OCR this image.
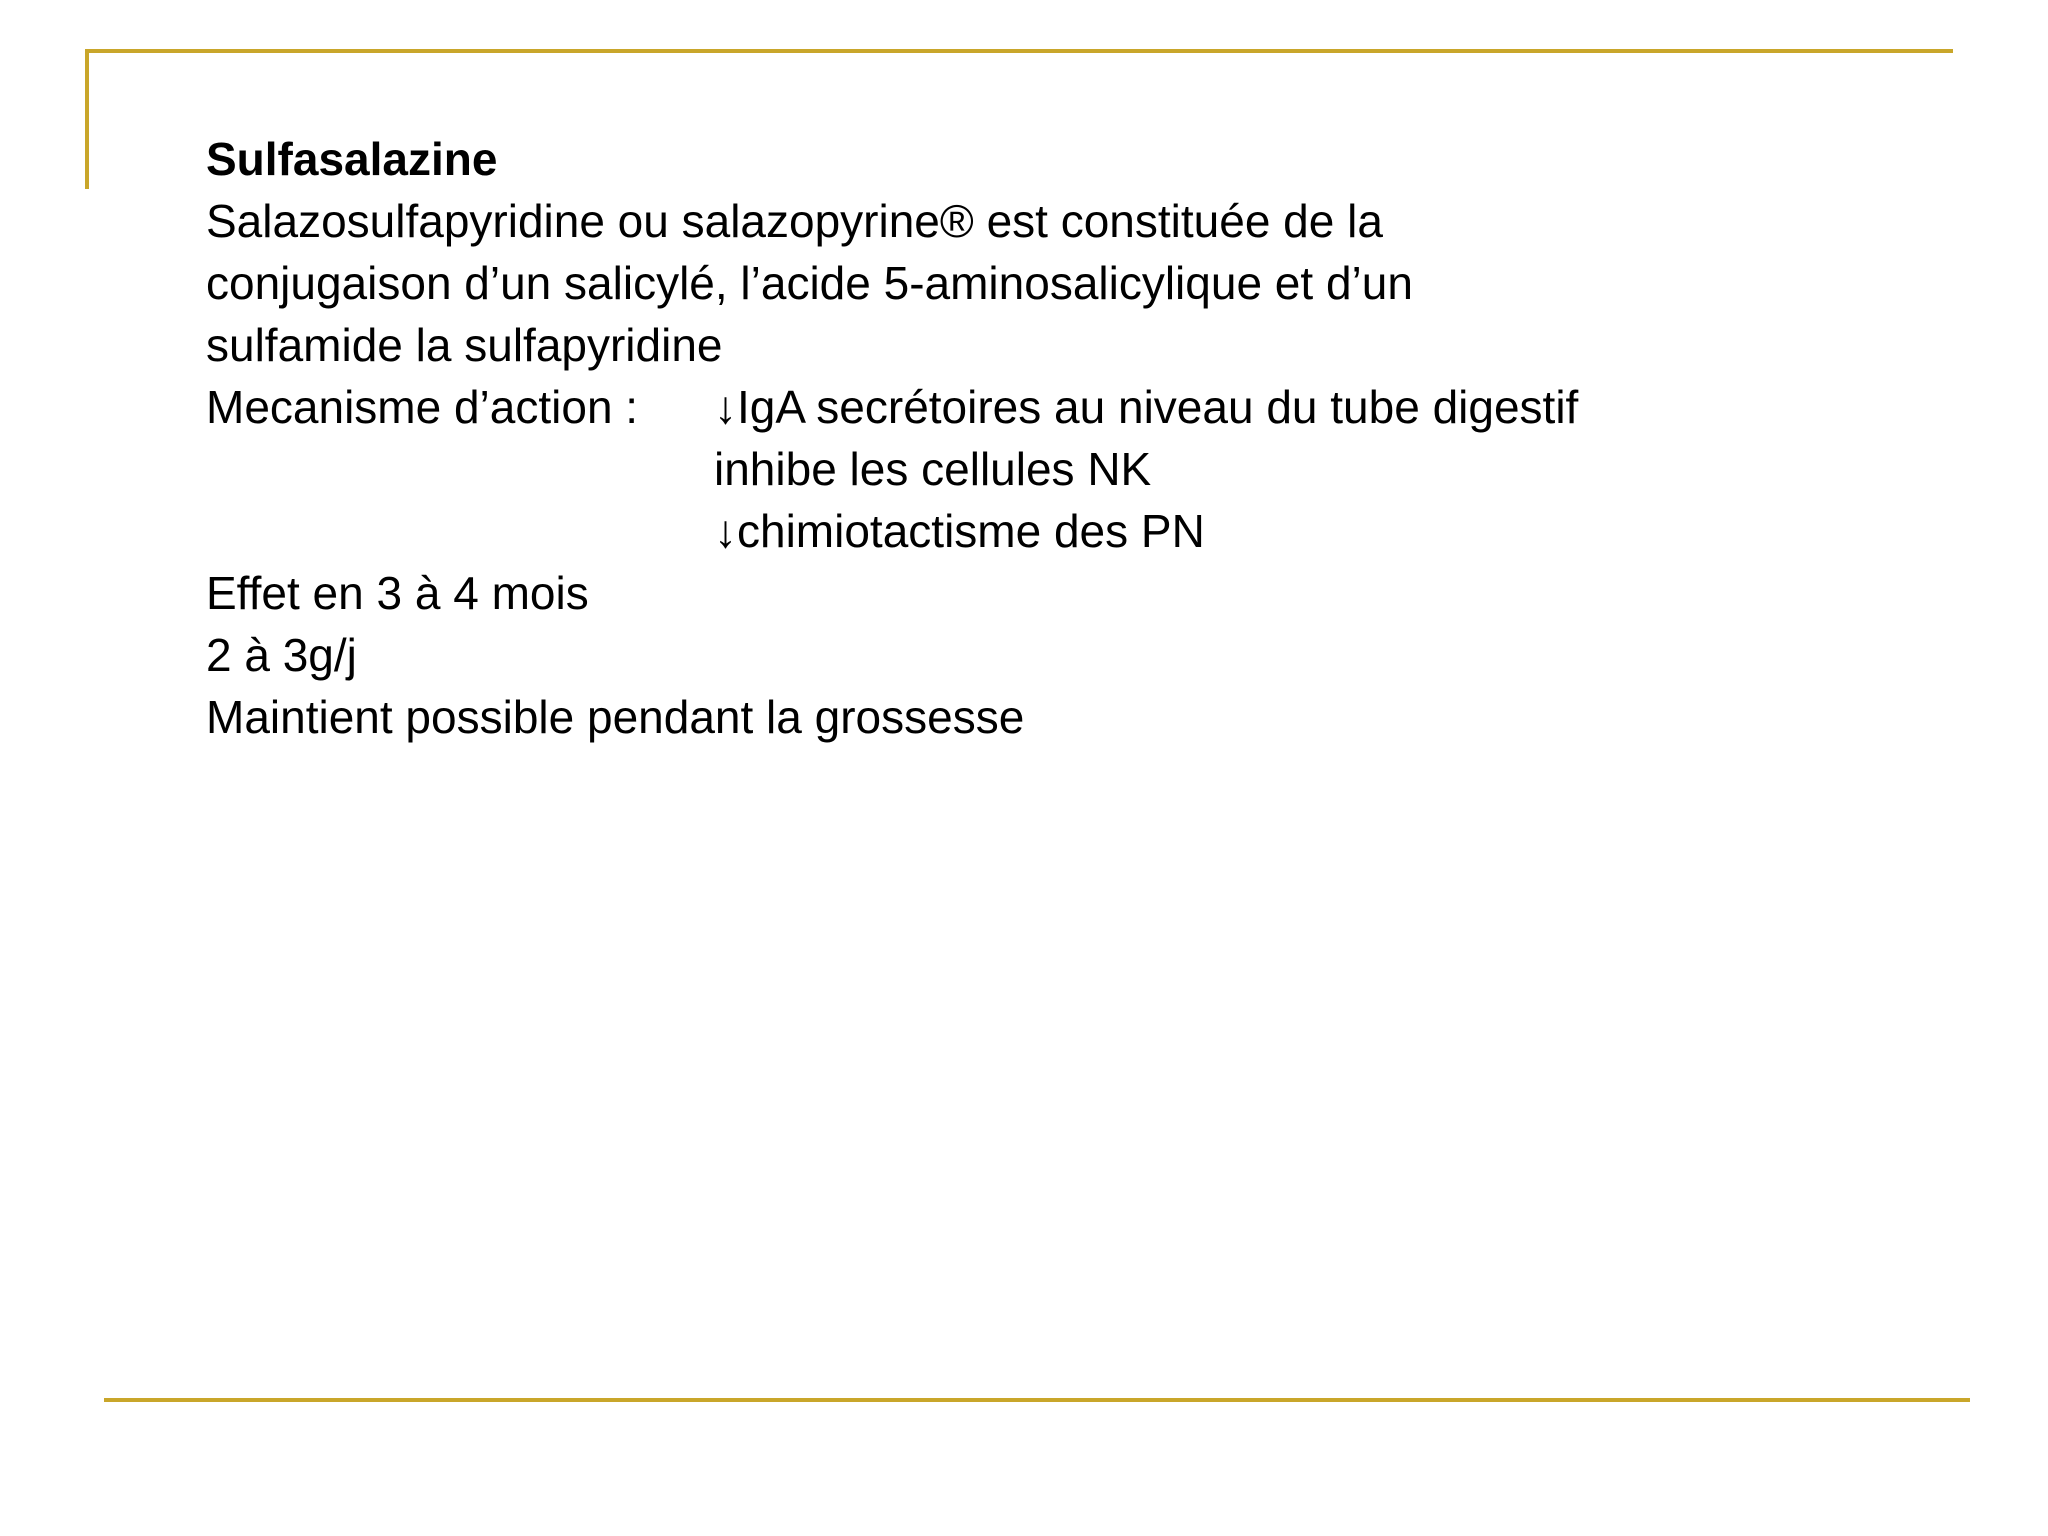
Sulfasalazine
Salazosulfapyridine ou salazopyrine® est constituée de la
conjugaison d’un salicylé, l’acide 5-aminosalicylique et d’un
sulfamide la sulfapyridine
Mecanisme d’action :	↓IgA secrétoires au niveau du tube digestif
inhibe les cellules NK
↓chimiotactisme des PN
Effet en 3 à 4 mois
2 à 3g/j
Maintient possible pendant la grossesse
